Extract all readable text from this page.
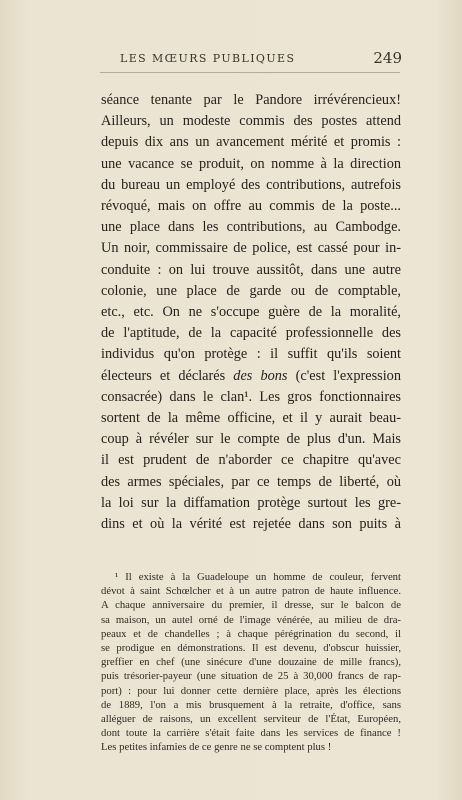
LES MŒURS PUBLIQUES	249
séance tenante par le Pandore irrévérencieux!
Ailleurs, un modeste commis des postes attend
depuis dix ans un avancement mérité et promis :
une vacance se produit, on nomme à la direction
du bureau un employé des contributions, autrefois
révoqué, mais on offre au commis de la poste...
une place dans les contributions, au Cambodge.
Un noir, commissaire de police, est cassé pour in-
conduite : on lui trouve aussitôt, dans une autre
colonie, une place de garde ou de comptable,
etc., etc. On ne s'occupe guère de la moralité,
de l'aptitude, de la capacité professionnelle des
individus qu'on protège : il suffit qu'ils soient
électeurs et déclarés des bons (c'est l'expression
consacrée) dans le clan¹. Les gros fonctionnaires
sortent de la même officine, et il y aurait beau-
coup à révéler sur le compte de plus d'un. Mais
il est prudent de n'aborder ce chapitre qu'avec
des armes spéciales, par ce temps de liberté, où
la loi sur la diffamation protège surtout les gre-
dins et où la vérité est rejetée dans son puits à
¹ Il existe à la Guadeloupe un homme de couleur, fervent
dévot à saint Schœlcher et à un autre patron de haute influence.
A chaque anniversaire du premier, il dresse, sur le balcon de
sa maison, un autel orné de l'image vénérée, au milieu de dra-
peaux et de chandelles ; à chaque pérégrination du second, il
se prodigue en démonstrations. Il est devenu, d'obscur huissier,
greffier en chef (une sinécure d'une douzaine de mille francs),
puis trésorier-payeur (une situation de 25 à 30,000 francs de rap-
port) : pour lui donner cette dernière place, après les élections
de 1889, l'on a mis brusquement à la retraite, d'office, sans
alléguer de raisons, un excellent serviteur de l'État, Européen,
dont toute la carrière s'était faite dans les services de finance !
Les petites infamies de ce genre ne se comptent plus !
